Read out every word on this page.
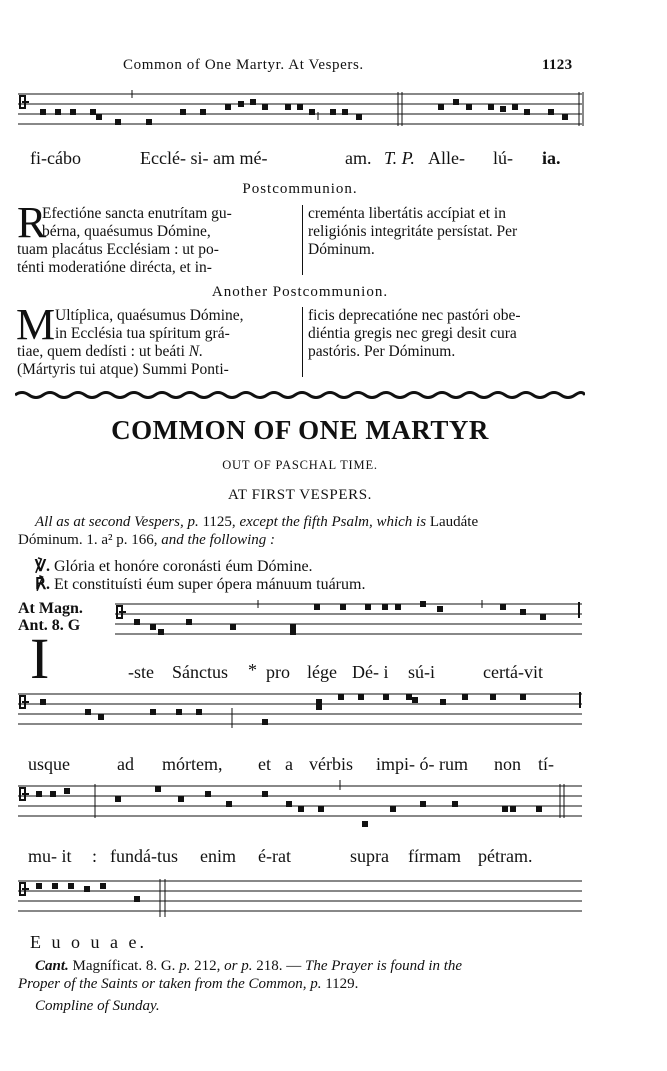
Common of One Martyr. At Vespers.	1123
fi-cábo	Ecclé- si- am mé-	am. T. P. Alle- lú- ia.
Postcommunion.
R

Efectióne sancta enutrítam gu-

bérna, quaésumus Dómine,

tuam placátus Ecclésiam : ut po-

ténti moderatióne dirécta, et in-

creménta libertátis accípiat et in

religiónis integritáte persístat. Per

Dóminum.

Another Postcommunion.
M Ultíplica, quaésumus Dómine,

in Ecclésia tua spíritum grá-

tiae, quem dedísti : ut beáti N.

(Mártyris tui atque) Summi Ponti-

ficis deprecatióne nec pastóri obe-

diéntia gregis nec gregi desit cura

pastóris. Per Dóminum.

COMMON OF ONE MARTYR
OUT OF PASCHAL TIME.
AT FIRST VESPERS.
All as at second Vespers, p. 1125, except the fifth Psalm, which is Laudáte
Dóminum. 1. a² p. 166, and the following :
℣. Glória et honóre coronásti éum Dómine.
℟. Et constituísti éum super ópera mánuum tuárum.
At Magn.
Ant. 8. G
I	-ste Sánctus * pro lége Dé- i sú-i	certá-vit
usque	ad mórtem, et a vérbis impi- ó- rum non tí-
mu- it : fundá-tus enim é-rat	supra fírmam pétram.
E u o u a e.
Cant. Magníficat. 8. G. p. 212, or p. 218. — The Prayer is found in the
Proper of the Saints or taken from the Common, p. 1129.
Compline of Sunday.
